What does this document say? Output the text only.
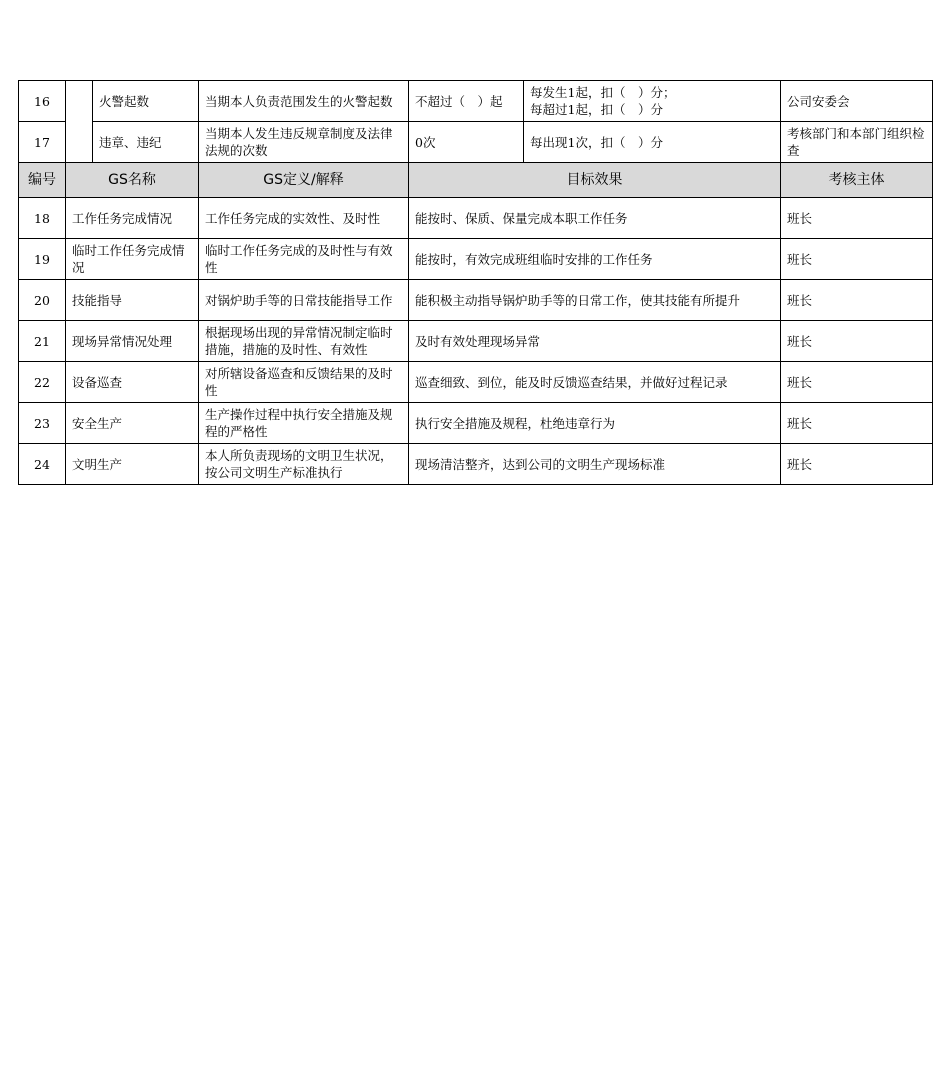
16		火警起数	当期本人负责范围发生的火警起数	不超过（　）起	每发生1起，扣（　）分；
每超过1起，扣（　）分	公司安委会
17		违章、违纪	当期本人发生违反规章制度及法律法规的次数	0次	每出现1次，扣（　）分	考核部门和本部门组织检查
编号	GS名称		GS定义/解释	目标效果		考核主体
18	工作任务完成情况		工作任务完成的实效性、及时性	能按时、保质、保量完成本职工作任务		班长
19	临时工作任务完成情况		临时工作任务完成的及时性与有效性	能按时，有效完成班组临时安排的工作任务		班长
20	技能指导		对锅炉助手等的日常技能指导工作	能积极主动指导锅炉助手等的日常工作，使其技能有所提升		班长
21	现场异常情况处理		根据现场出现的异常情况制定临时措施，措施的及时性、有效性	及时有效处理现场异常		班长
22	设备巡查		对所辖设备巡查和反馈结果的及时性	巡查细致、到位，能及时反馈巡查结果，并做好过程记录		班长
23	安全生产		生产操作过程中执行安全措施及规程的严格性	执行安全措施及规程，杜绝违章行为		班长
24	文明生产		本人所负责现场的文明卫生状况，按公司文明生产标准执行	现场清洁整齐，达到公司的文明生产现场标准		班长
